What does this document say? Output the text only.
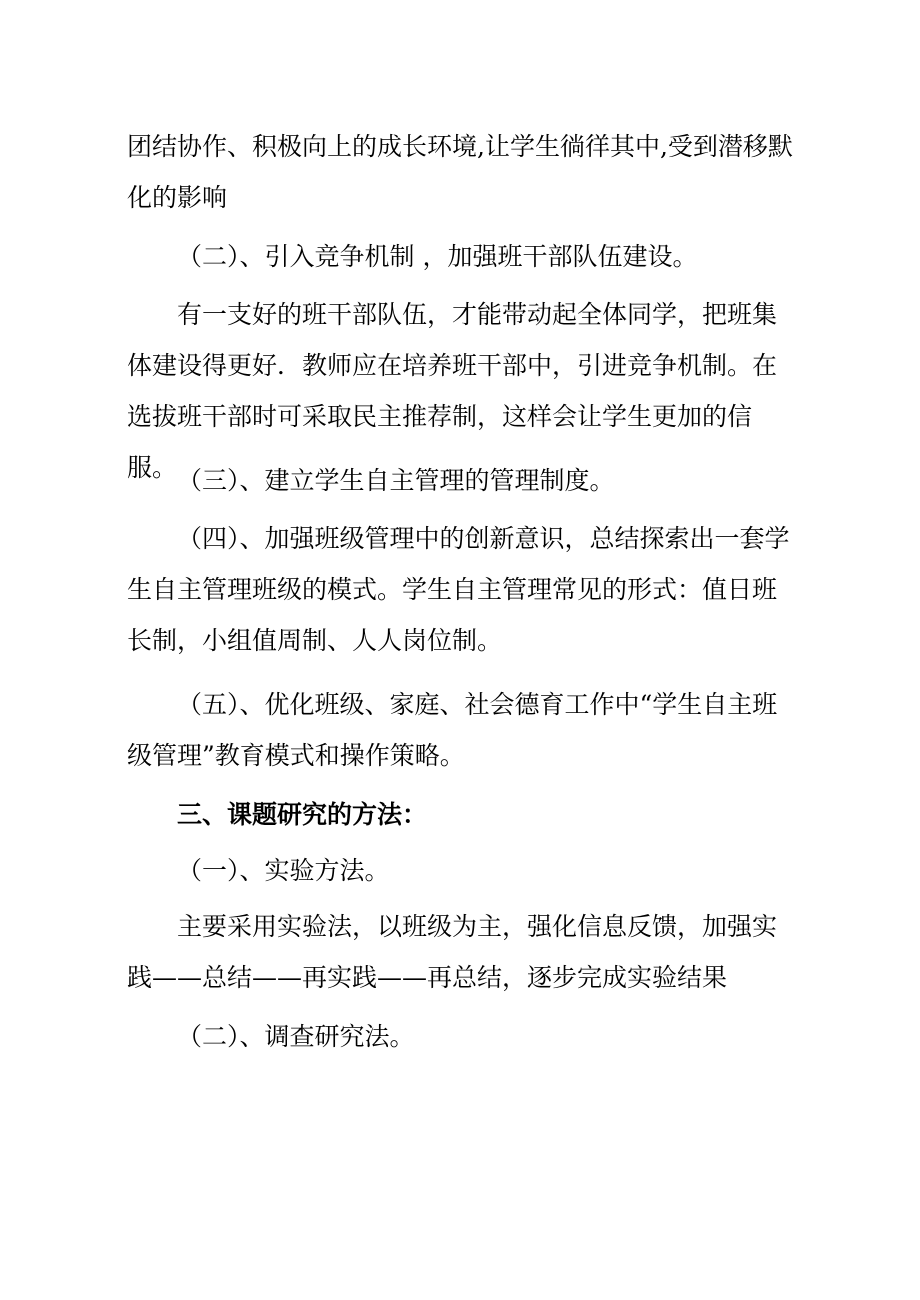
团结协作、积极向上的成长环境,让学生徜徉其中,受到潜移默化的影响

（二）、引入竞争机制 ，加强班干部队伍建设。

有一支好的班干部队伍，才能带动起全体同学，把班集体建设得更好．教师应在培养班干部中，引进竞争机制。在选拔班干部时可采取民主推荐制，这样会让学生更加的信服。 （三）、建立学生自主管理的管理制度。

（四）、加强班级管理中的创新意识，总结探索出一套学生自主管理班级的模式。学生自主管理常见的形式：值日班长制，小组值周制、人人岗位制。

（五）、优化班级、家庭、社会德育工作中“学生自主班级管理”教育模式和操作策略。

三、课题研究的方法：

（一）、实验方法。

主要采用实验法，以班级为主，强化信息反馈，加强实践——总结——再实践——再总结，逐步完成实验结果

（二）、调查研究法。
